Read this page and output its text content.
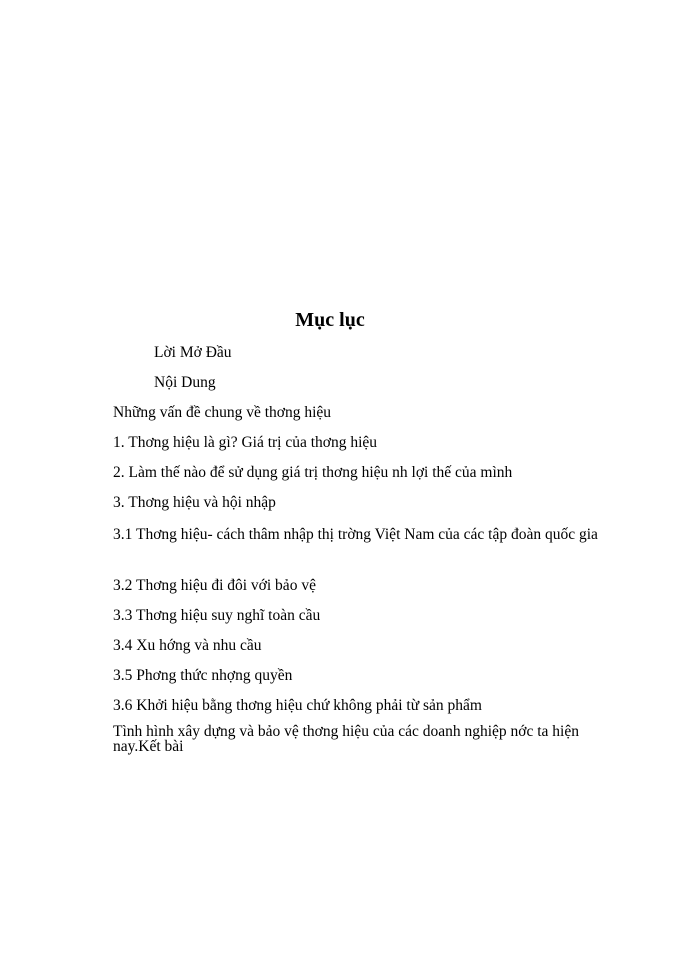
Mục lục
Lời Mở Đầu
Nội Dung
Những vấn đề chung về thơng hiệu
1. Thơng hiệu là gì? Giá trị của thơng hiệu
2. Làm thế nào để sử dụng giá trị thơng hiệu nh lợi thế của mình
3. Thơng hiệu và hội nhập
3.1 Thơng hiệu- cách thâm nhập thị trờng Việt Nam của các tập đoàn quốc gia
3.2 Thơng hiệu đi đôi với bảo vệ
3.3 Thơng hiệu suy nghĩ toàn cầu
3.4 Xu hớng và nhu cầu
3.5 Phơng thức nhợng quyền
3.6 Khởi hiệu bằng thơng hiệu chứ không phải từ sản phẩm
Tình hình xây dựng và bảo vệ thơng hiệu của các doanh nghiệp nớc ta hiện nay.Kết bài
